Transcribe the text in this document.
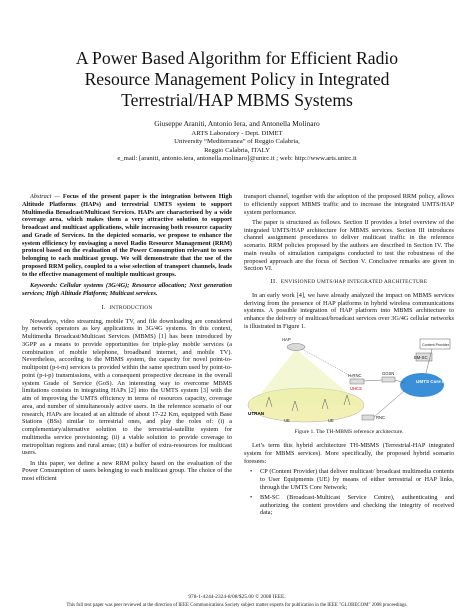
A Power Based Algorithm for Efficient Radio
Resource Management Policy in Integrated
Terrestrial/HAP MBMS Systems
Giuseppe Araniti, Antonio Iera, and Antonella Molinaro
ARTS Laboratory - Dept. DIMET
University “Mediterranea” of Reggio Calabria,
Reggio Calabria, ITALY
e_mail: [araniti, antonio.iera, antonella.molinaro]@unirc.it ; web: http://www.arts.unirc.it

Abstract — Focus of the present paper is the integration between High Altitude Platforms (HAPs) and terrestrial UMTS system to support Multimedia Broadcast/Multicast Services. HAPs are characterised by a wide coverage area, which makes them a very attractive solution to support broadcast and multicast applications, while increasing both resource capacity and Grade of Services. In the depicted scenario, we propose to enhance the system efficiency by envisaging a novel Radio Resource Management (RRM) protocol based on the evaluation of the Power Consumption relevant to users belonging to each multicast group. We will demonstrate that the use of the proposed RRM policy, coupled to a wise selection of transport channels, leads to the effective management of multiple multicast groups.

Keywords: Cellular systems (3G/4G); Resource allocation; Next generation services; High Altitude Platform; Multicast services.

I. INTRODUCTION

Nowadays, video streaming, mobile TV, and file downloading are considered by network operators as key applications in 3G/4G systems. In this context, Multimedia Broadcast/Multicast Services (MBMS) [1] has been introduced by 3GPP as a means to provide opportunities for triple-play mobile services (a combination of mobile telephone, broadband internet, and mobile TV). Nevertheless, according to the MBMS system, the capacity for novel point-to-multipoint (p-t-m) services is provided within the same spectrum used by point-to-point (p-t-p) transmissions, with a consequent prospective decrease in the overall system Grade of Service (GoS). An interesting way to overcome MBMS limitations consists in integrating HAPs [2] into the UMTS system [3] with the aim of improving the UMTS efficiency in terms of resources capacity, coverage area, and number of simultaneously active users. In the reference scenario of our research, HAPs are located at an altitude of about 17-22 Km, equipped with Base Stations (BSs) similar to terrestrial ones, and play the roles of: (i) a complementary/alternative solution to the terrestrial-satellite system for multimedia service provisioning; (ii) a viable solution to provide coverage to metropolitan regions and rural areas; (iii) a buffer of extra-resources for multicast users.

In this paper, we define a new RRM policy based on the evaluation of the Power Consumption of users belonging to each multicast group. The choice of the most efficient

transport channel, together with the adoption of the proposed RRM policy, allows to efficiently support MBMS traffic and to increase the integrated UMTS/HAP system performance.

The paper is structured as follows. Section II provides a brief overview of the integrated UMTS/HAP architecture for MBMS services. Section III introduces channel assignment procedures to deliver multicast traffic in the reference scenario. RRM policies proposed by the authors are described in Section IV. The main results of simulation campaigns conducted to test the robustness of the proposed approach are the focus of Section V. Conclusive remarks are given in Section VI.

II. ENVISIONED UMTS/HAP INTEGRATED ARCHITECTURE

In an early work [4], we have already analyzed the impact on MBMS services deriving from the presence of HAP platforms in hybrid wireless communications systems. A possible integration of HAP platform into MBMS architecture to enhance the delivery of multicast/broadcast services over 3G/4G cellular networks is illustrated in Figure 1.

HAP
H-RNC
UHCS
GGSN
Content Provider
BM-SC
UMTS Core Network
RNC
UTRAN
UE	UE
Figure 1. The TH-MBMS reference architecture.

Let’s term this hybrid architecture TH-MBMS (Terrestrial-HAP integrated system for MBMS services). More specifically, the proposed hybrid scenario foresees:

• CP (Content Provider) that deliver multicast/ broadcast multimedia contents to User Equipments (UE) by means of either terrestrial or HAP links, through the UMTS Core Network;
• BM-SC (Broadcast-Multicast Service Centre), authenticating and authorizing the content providers and checking the integrity of received data;
978-1-4244-2324-8/08/$25.00 © 2008 IEEE.
This full text paper was peer reviewed at the direction of IEEE Communications Society subject matter experts for publication in the IEEE "GLOBECOM" 2008 proceedings.
